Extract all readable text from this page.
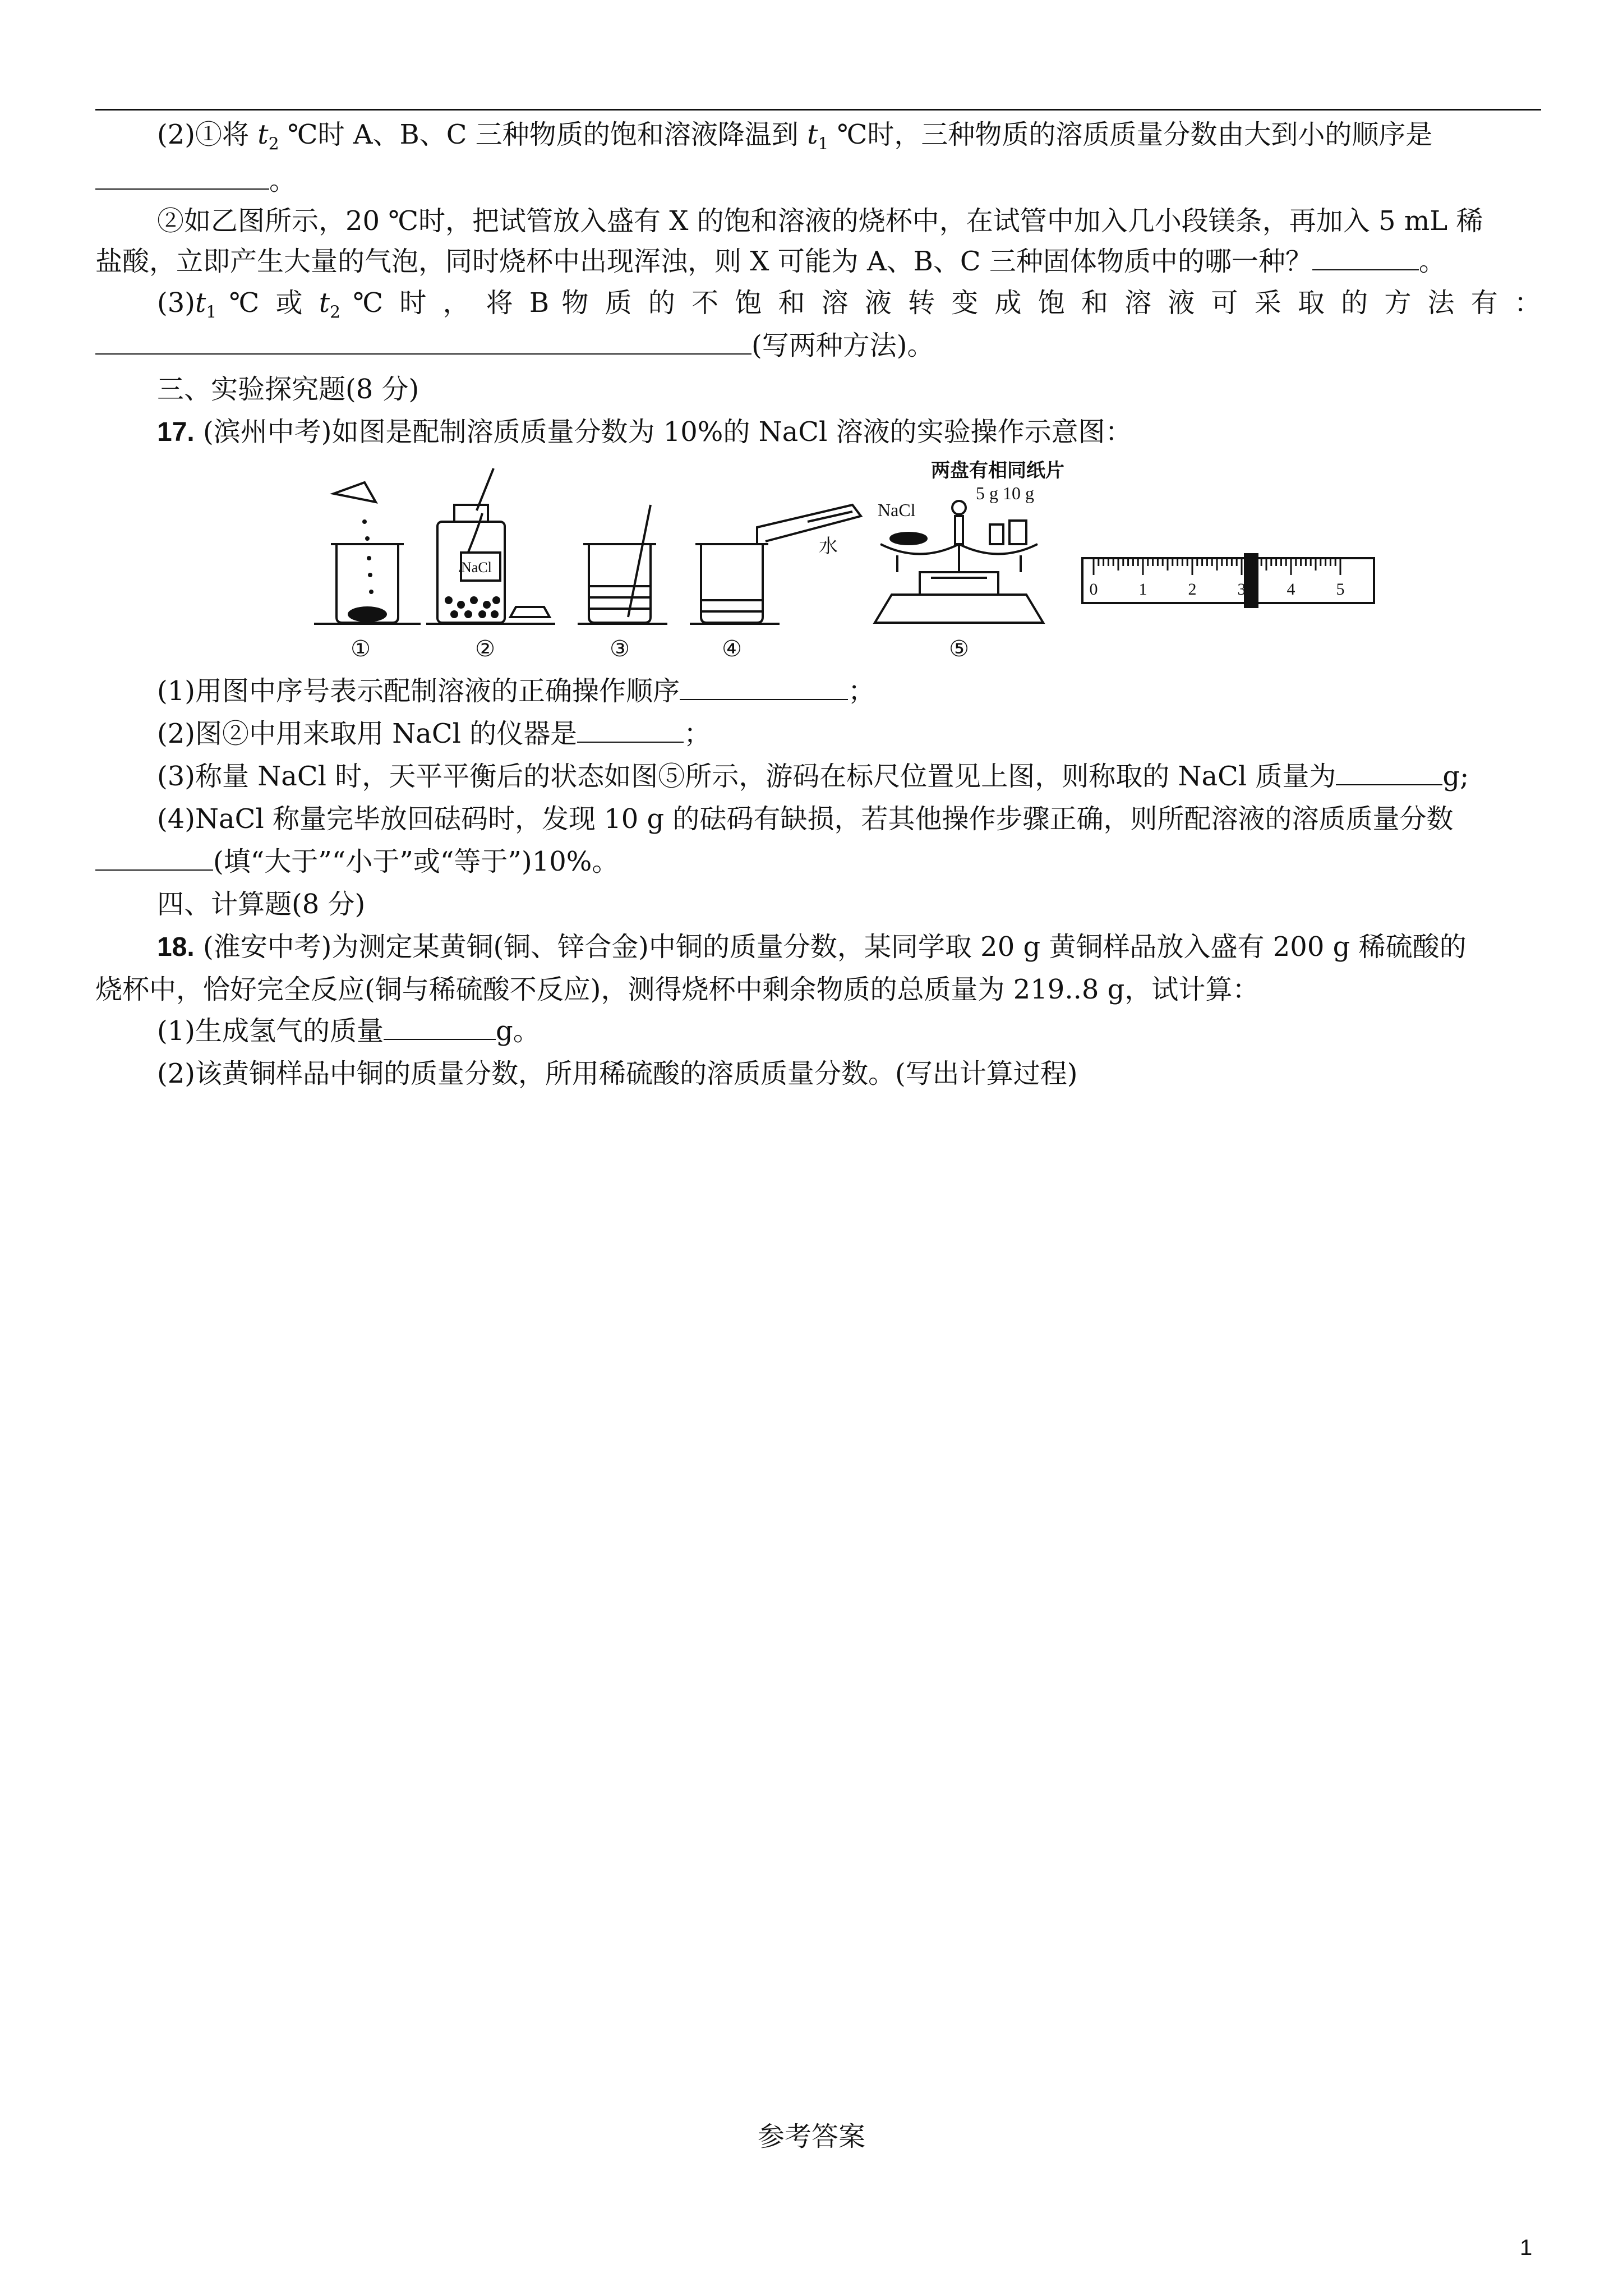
(2)①将 $t_2$ ℃时 A、B、C 三种物质的饱和溶液降温到 $t_1$ ℃时，三种物质的溶质质量分数由大到小的顺序是
。
②如乙图所示，20 ℃时，把试管放入盛有 X 的饱和溶液的烧杯中，在试管中加入几小段镁条，再加入 5 mL 稀
盐酸，立即产生大量的气泡，同时烧杯中出现浑浊，则 X 可能为 A、B、C 三种固体物质中的哪一种？	。
$(3)t_1$ ℃ 或 $t_2$ ℃ 时 ， 将 B 物 质 的 不 饱 和 溶 液 转 变 成 饱 和 溶 液 可 采 取 的 方 法 有 ：
(写两种方法)。
三、实验探究题(8 分)
17. (滨州中考)如图是配制溶质质量分数为 10%的 NaCl 溶液的实验操作示意图：
NaCl
水
两盘有相同纸片
NaCl
5 g 10 g
①	②	③	④	⑤
0 1 2 3 4 5
(1)用图中序号表示配制溶液的正确操作顺序	；
(2)图②中用来取用 NaCl 的仪器是	；
(3)称量 NaCl 时，天平平衡后的状态如图⑤所示，游码在标尺位置见上图，则称取的 NaCl 质量为	g;
(4)NaCl 称量完毕放回砝码时，发现 10 g 的砝码有缺损，若其他操作步骤正确，则所配溶液的溶质质量分数
(填“大于”“小于”或“等于”)10%。
四、计算题(8 分)
18. (淮安中考)为测定某黄铜(铜、锌合金)中铜的质量分数，某同学取 20 g 黄铜样品放入盛有 200 g 稀硫酸的
烧杯中，恰好完全反应(铜与稀硫酸不反应)，测得烧杯中剩余物质的总质量为 219..8 g，试计算：
(1)生成氢气的质量	g。
(2)该黄铜样品中铜的质量分数，所用稀硫酸的溶质质量分数。(写出计算过程)
参考答案
1
